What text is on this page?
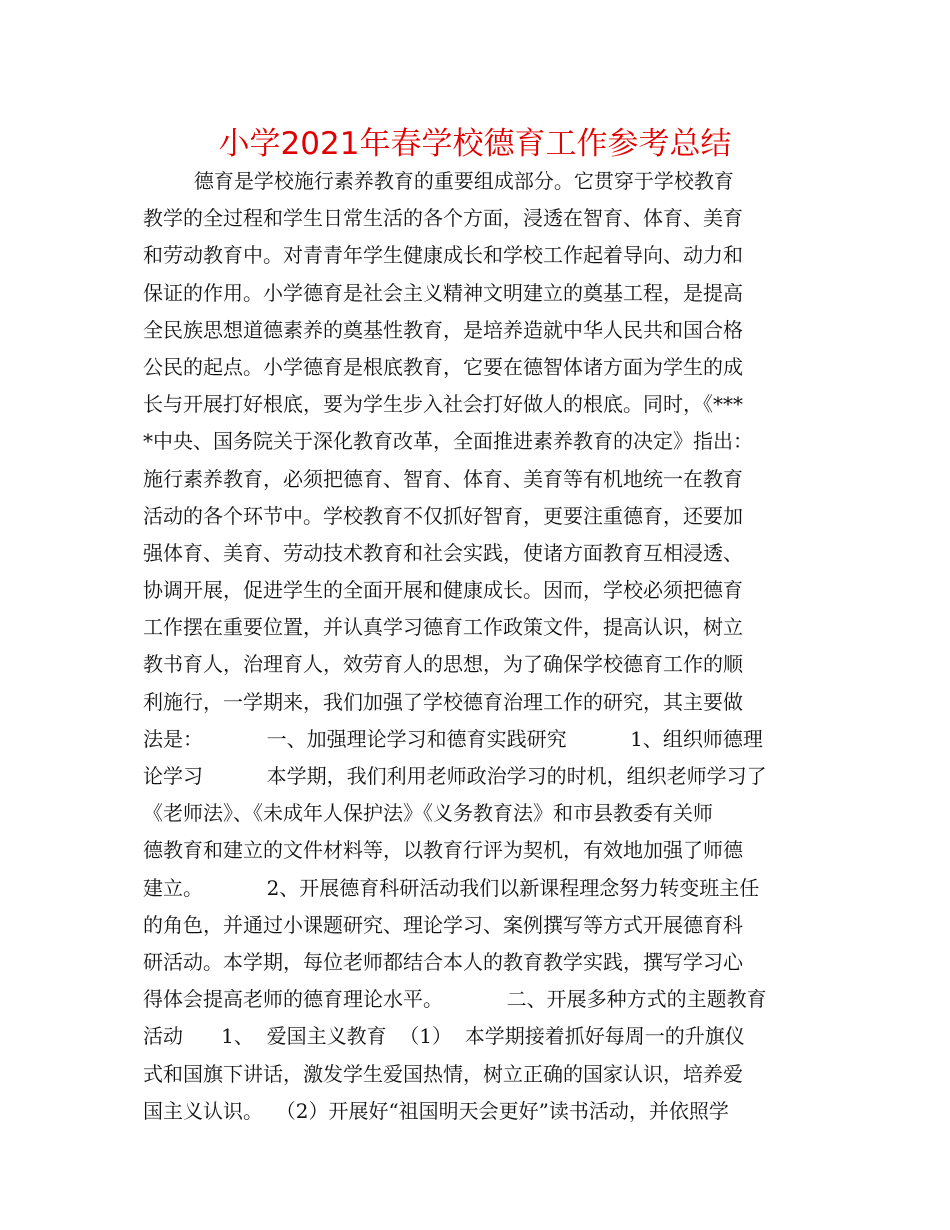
小学2021年春学校德育工作参考总结
德育是学校施行素养教育的重要组成部分。它贯穿于学校教育
教学的全过程和学生日常生活的各个方面，浸透在智育、体育、美育
和劳动教育中。对青青年学生健康成长和学校工作起着导向、动力和
保证的作用。小学德育是社会主义精神文明建立的奠基工程，是提高
全民族思想道德素养的奠基性教育，是培养造就中华人民共和国合格
公民的起点。小学德育是根底教育，它要在德智体诸方面为学生的成
长与开展打好根底，要为学生步入社会打好做人的根底。同时，《***
*中央、国务院关于深化教育改革，全面推进素养教育的决定》指出：
施行素养教育，必须把德育、智育、体育、美育等有机地统一在教育
活动的各个环节中。学校教育不仅抓好智育，更要注重德育，还要加
强体育、美育、劳动技术教育和社会实践，使诸方面教育互相浸透、
协调开展，促进学生的全面开展和健康成长。因而，学校必须把德育
工作摆在重要位置，并认真学习德育工作政策文件，提高认识，树立
教书育人，治理育人，效劳育人的思想，为了确保学校德育工作的顺
利施行，一学期来，我们加强了学校德育治理工作的研究，其主要做
法是：          一、加强理论学习和德育实践研究          1、组织师德理
论学习          本学期，我们利用老师政治学习的时机，组织老师学习了
《老师法》、《未成年人保护法》《义务教育法》和市县教委有关师
德教育和建立的文件材料等，以教育行评为契机，有效地加强了师德
建立。          2、开展德育科研活动我们以新课程理念努力转变班主任
的角色，并通过小课题研究、理论学习、案例撰写等方式开展德育科
研活动。本学期，每位老师都结合本人的教育教学实践，撰写学习心
得体会提高老师的德育理论水平。          二、开展多种方式的主题教育
活动      1、  爱国主义教育  （1）  本学期接着抓好每周一的升旗仪
式和国旗下讲话，激发学生爱国热情，树立正确的国家认识，培养爱
国主义认识。  （2）开展好“祖国明天会更好”读书活动，并依照学
